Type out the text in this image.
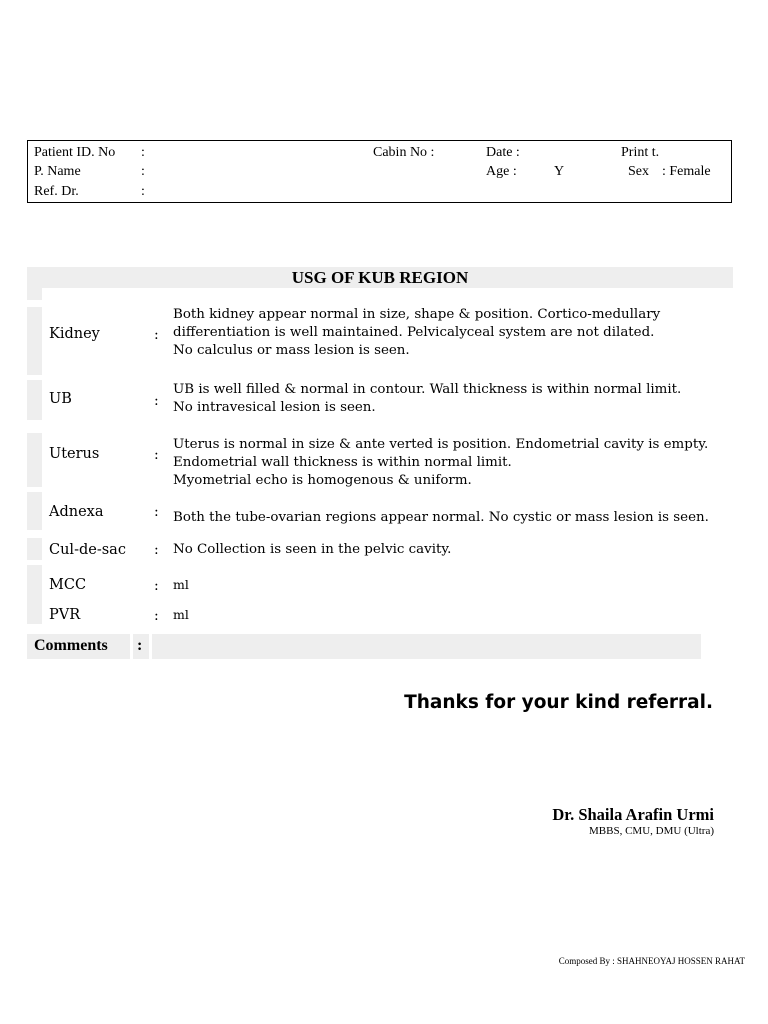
Patient ID. No :	Cabin No :	Date :	Print t.
P. Name	:	Age :	Y	Sex : Female
Ref. Dr.	:
USG OF KUB REGION
Kidney	:
Both kidney appear normal in size, shape & position. Cortico-medullary
differentiation is well maintained. Pelvicalyceal system are not dilated.
No calculus or mass lesion is seen.
UB	:
UB is well filled & normal in contour. Wall thickness is within normal limit.
No intravesical lesion is seen.
Uterus	:
Uterus is normal in size & ante verted is position. Endometrial cavity is empty.
Endometrial wall thickness is within normal limit.
Myometrial echo is homogenous & uniform.
Adnexa	: Both the tube-ovarian regions appear normal. No cystic or mass lesion is seen.
Cul-de-sac : No Collection is seen in the pelvic cavity.
MCC	: ml
PVR	: ml
Comments :
Thanks for your kind referral.
Dr. Shaila Arafin Urmi
MBBS, CMU, DMU (Ultra)
Composed By : SHAHNEOYAJ HOSSEN RAHAT
